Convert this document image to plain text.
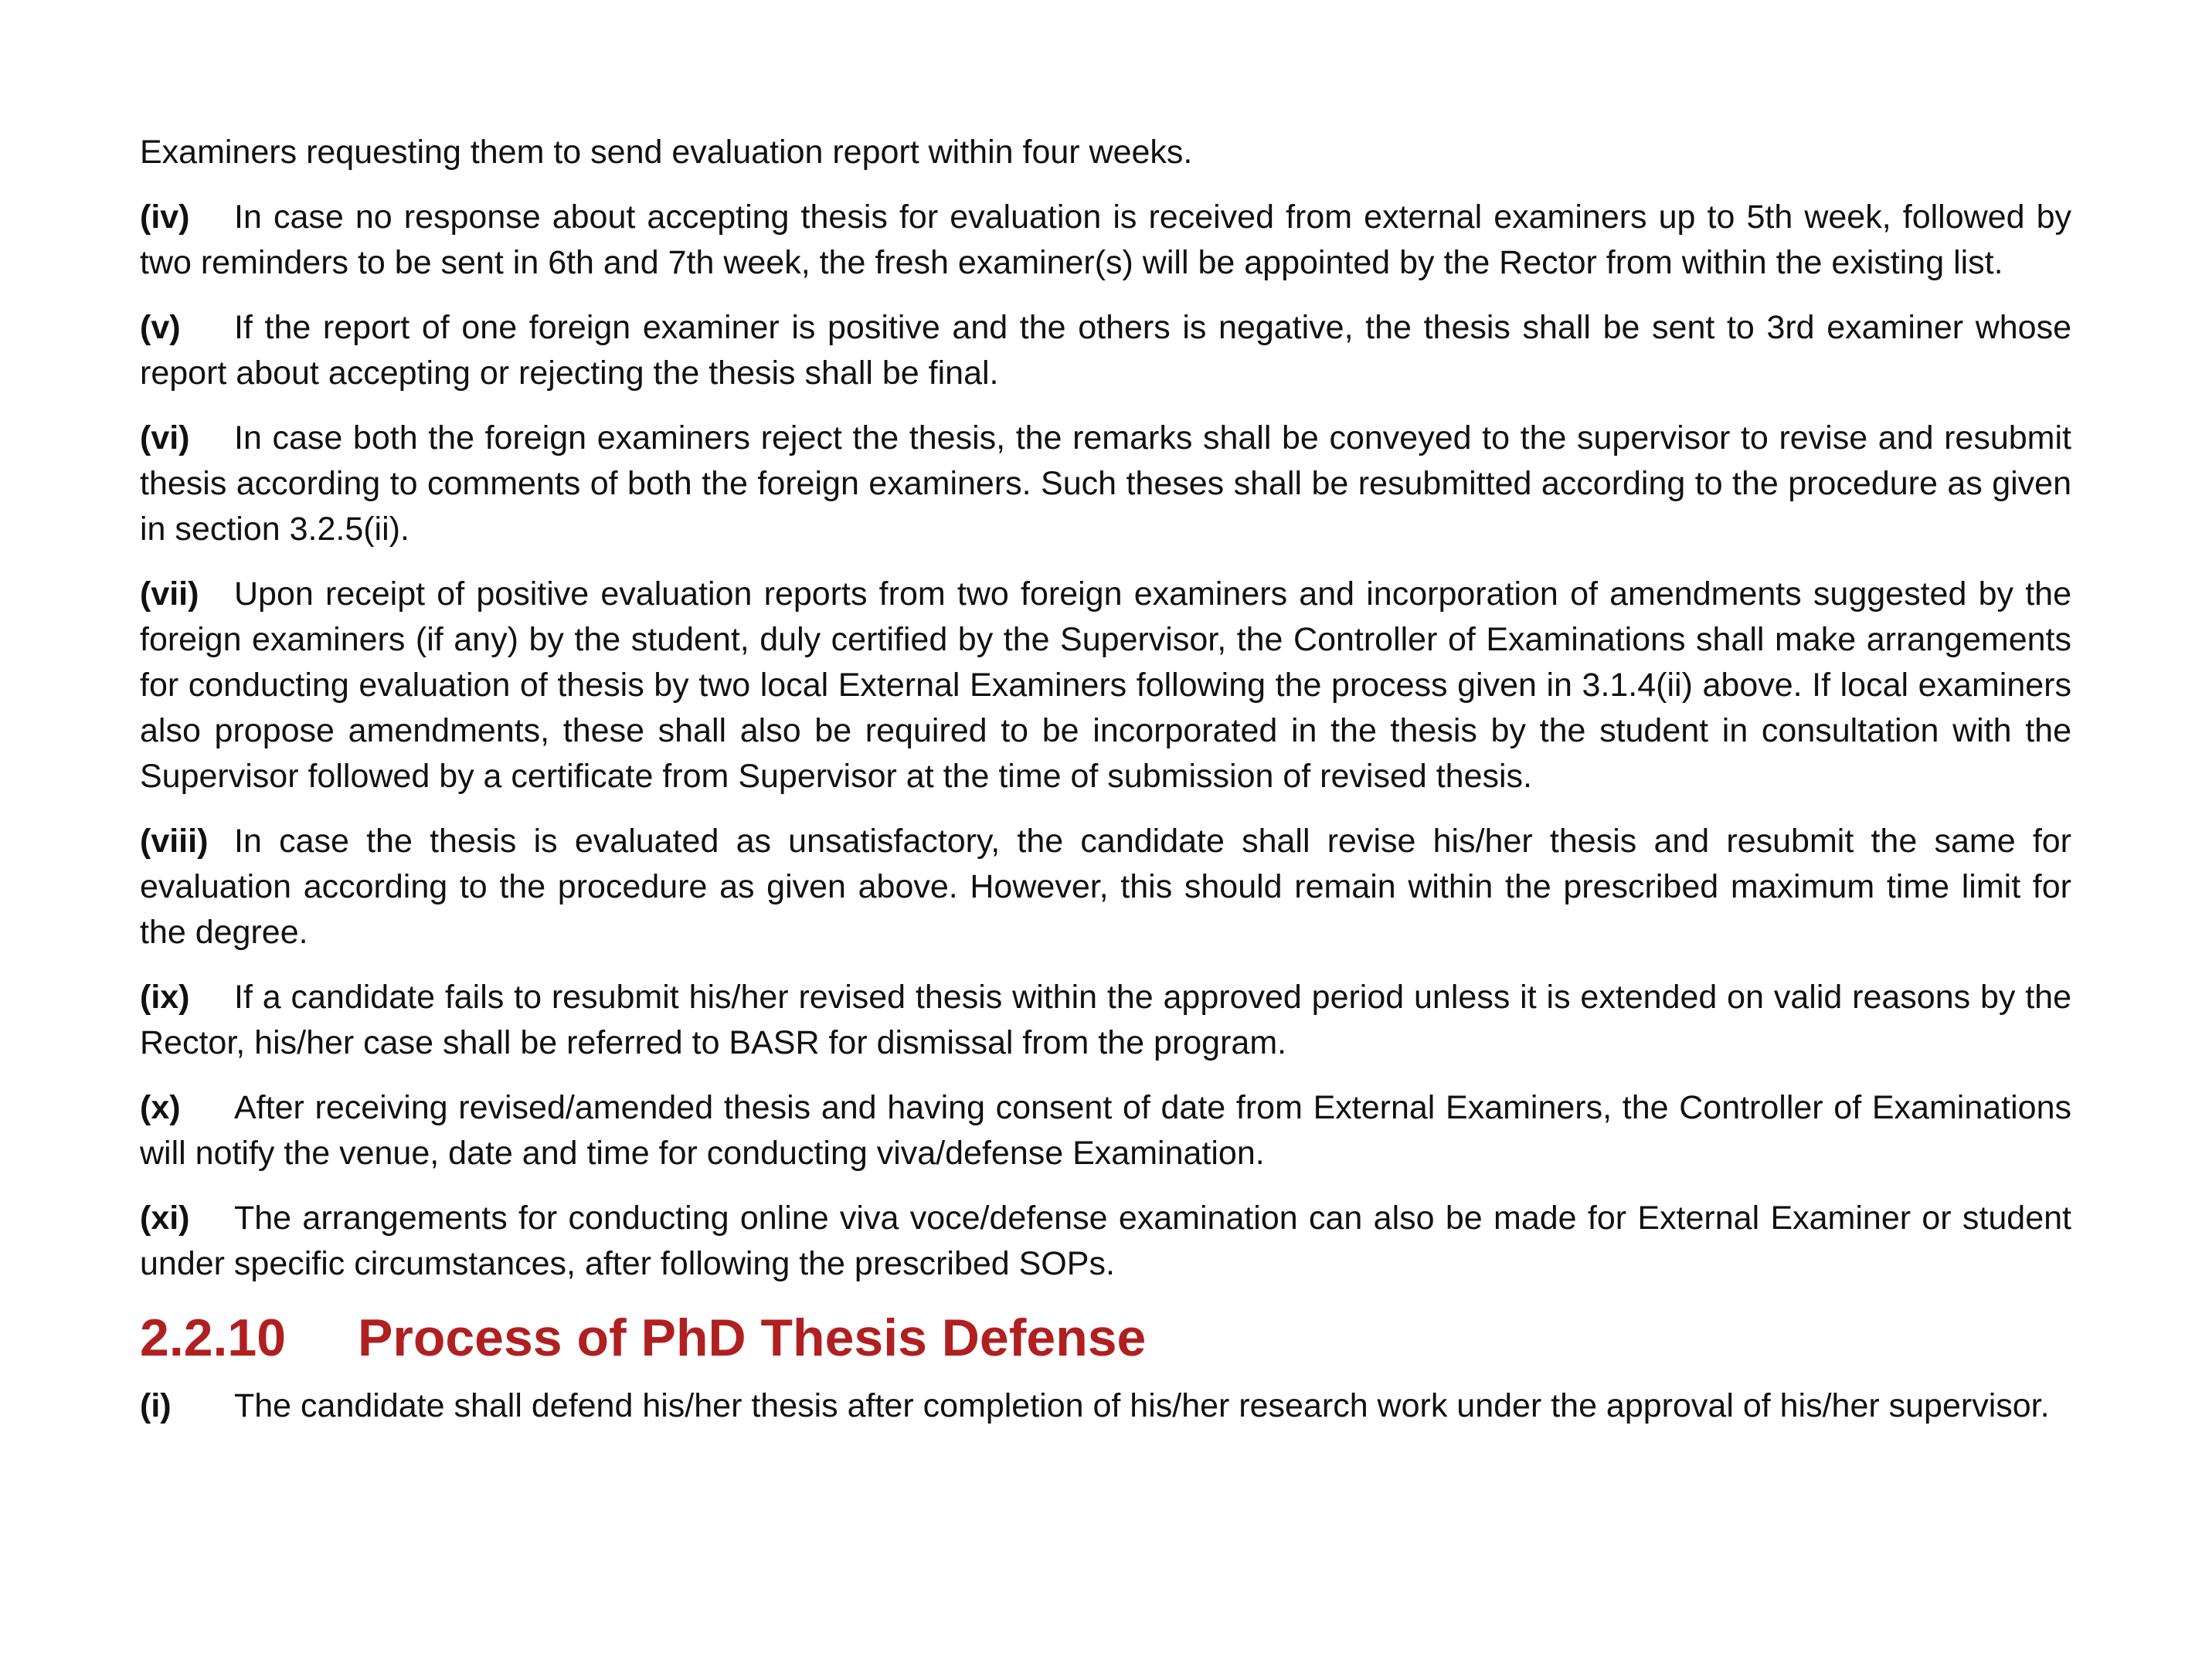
Examiners requesting them to send evaluation report within four weeks.

(iv) In case no response about accepting thesis for evaluation is received from external examiners up to 5th week, followed by two reminders to be sent in 6th and 7th week, the fresh examiner(s) will be appointed by the Rector from within the existing list.

(v) If the report of one foreign examiner is positive and the others is negative, the thesis shall be sent to 3rd examiner whose report about accepting or rejecting the thesis shall be final.

(vi) In case both the foreign examiners reject the thesis, the remarks shall be conveyed to the supervisor to revise and resubmit thesis according to comments of both the foreign examiners. Such theses shall be resubmitted according to the procedure as given in section 3.2.5(ii).

(vii) Upon receipt of positive evaluation reports from two foreign examiners and incorporation of amendments suggested by the foreign examiners (if any) by the student, duly certified by the Supervisor, the Controller of Examinations shall make arrangements for conducting evaluation of thesis by two local External Examiners following the process given in 3.1.4(ii) above. If local examiners also propose amendments, these shall also be required to be incorporated in the thesis by the student in consultation with the Supervisor followed by a certificate from Supervisor at the time of submission of revised thesis.

(viii) In case the thesis is evaluated as unsatisfactory, the candidate shall revise his/her thesis and resubmit the same for evaluation according to the procedure as given above. However, this should remain within the prescribed maximum time limit for the degree.

(ix) If a candidate fails to resubmit his/her revised thesis within the approved period unless it is extended on valid reasons by the Rector, his/her case shall be referred to BASR for dismissal from the program.

(x) After receiving revised/amended thesis and having consent of date from External Examiners, the Controller of Examinations will notify the venue, date and time for conducting viva/defense Examination.

(xi) The arrangements for conducting online viva voce/defense examination can also be made for External Examiner or student under specific circumstances, after following the prescribed SOPs.

2.2.10	Process of PhD Thesis Defense

(i) The candidate shall defend his/her thesis after completion of his/her research work under the approval of his/her supervisor.
